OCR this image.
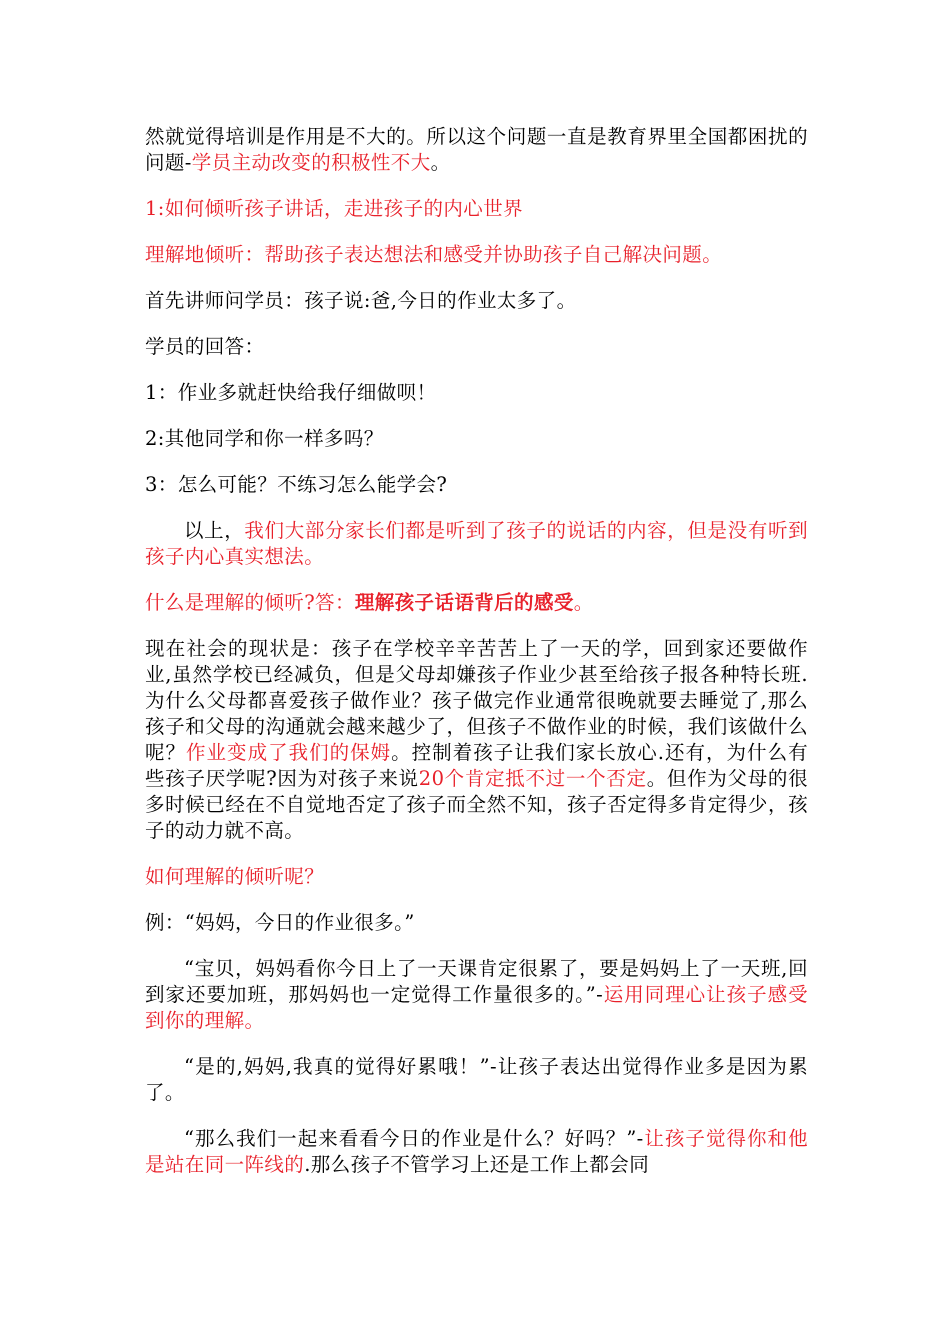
然就觉得培训是作用是不大的。所以这个问题一直是教育界里全国都困扰的问题-学员主动改变的积极性不大。

1:如何倾听孩子讲话，走进孩子的内心世界

理解地倾听：帮助孩子表达想法和感受并协助孩子自己解决问题。

首先讲师问学员：孩子说:爸,今日的作业太多了。

学员的回答：

1：作业多就赶快给我仔细做呗！

2:其他同学和你一样多吗？

3：怎么可能？不练习怎么能学会?

以上，我们大部分家长们都是听到了孩子的说话的内容，但是没有听到孩子内心真实想法。

什么是理解的倾听?答：理解孩子话语背后的感受。

现在社会的现状是：孩子在学校辛辛苦苦上了一天的学，回到家还要做作业,虽然学校已经减负，但是父母却嫌孩子作业少甚至给孩子报各种特长班.为什么父母都喜爱孩子做作业？孩子做完作业通常很晚就要去睡觉了,那么孩子和父母的沟通就会越来越少了，但孩子不做作业的时候，我们该做什么呢？作业变成了我们的保姆。控制着孩子让我们家长放心.还有，为什么有些孩子厌学呢?因为对孩子来说20个肯定抵不过一个否定。但作为父母的很多时候已经在不自觉地否定了孩子而全然不知，孩子否定得多肯定得少，孩子的动力就不高。

如何理解的倾听呢？

例：“妈妈，今日的作业很多。”

“宝贝，妈妈看你今日上了一天课肯定很累了，要是妈妈上了一天班,回到家还要加班，那妈妈也一定觉得工作量很多的。”-运用同理心让孩子感受到你的理解。

“是的,妈妈,我真的觉得好累哦！”-让孩子表达出觉得作业多是因为累了。

“那么我们一起来看看今日的作业是什么？好吗？”-让孩子觉得你和他是站在同一阵线的.那么孩子不管学习上还是工作上都会同
